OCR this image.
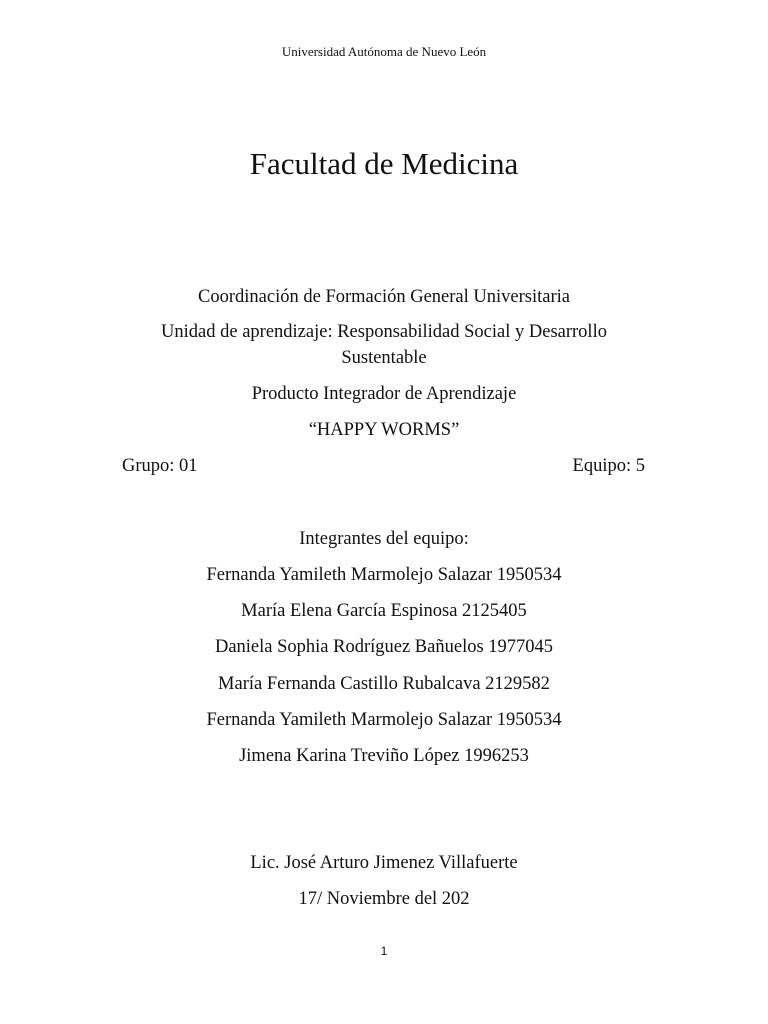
Universidad Autónoma de Nuevo León
Facultad de Medicina
Coordinación de Formación General Universitaria
Unidad de aprendizaje: Responsabilidad Social y Desarrollo
Sustentable
Producto Integrador de Aprendizaje
“HAPPY WORMS”
Grupo: 01	Equipo: 5
Integrantes del equipo:
Fernanda Yamileth Marmolejo Salazar 1950534
María Elena García Espinosa 2125405
Daniela Sophia Rodríguez Bañuelos 1977045
María Fernanda Castillo Rubalcava 2129582
Fernanda Yamileth Marmolejo Salazar 1950534
Jimena Karina Treviño López 1996253
Lic. José Arturo Jimenez Villafuerte
17/ Noviembre del 202
1
